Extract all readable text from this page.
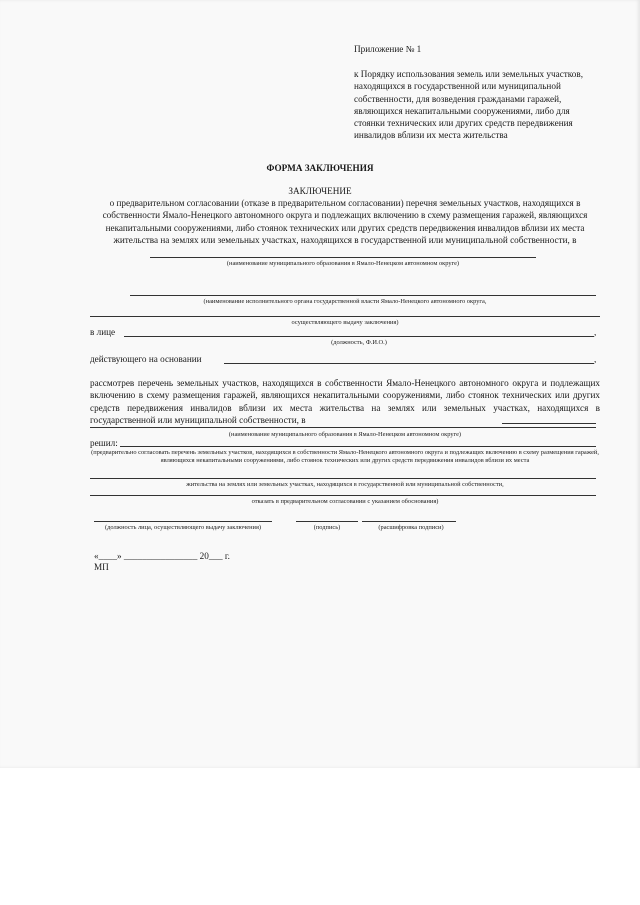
Приложение № 1
к Порядку использования земель или земельных участков, находящихся в государственной или муниципальной собственности, для возведения гражданами гаражей, являющихся некапитальными сооружениями, либо для стоянки технических или других средств передвижения инвалидов вблизи их места жительства
ФОРМА ЗАКЛЮЧЕНИЯ
ЗАКЛЮЧЕНИЕ
о предварительном согласовании (отказе в предварительном согласовании) перечня земельных участков, находящихся в собственности Ямало-Ненецкого автономного округа и подлежащих включению в схему размещения гаражей, являющихся некапитальными сооружениями, либо стоянок технических или других средств передвижения инвалидов вблизи их места жительства на землях или земельных участках, находящихся в государственной или муниципальной собственности, в
(наименование муниципального образования в Ямало-Ненецком автономном округе)
(наименование исполнительного органа государственной власти Ямало-Ненецкого автономного округа,
осуществляющего выдачу заключения)
в лице	,
(должность, Ф.И.О.)
действующего на основании	,
рассмотрев перечень земельных участков, находящихся в собственности Ямало-Ненецкого автономного округа и подлежащих включению в схему размещения гаражей, являющихся некапитальными сооружениями, либо стоянок технических или других средств передвижения инвалидов вблизи их места жительства на землях или земельных участках, находящихся в государственной или муниципальной собственности, в
(наименование муниципального образования в Ямало-Ненецком автономном округе)
решил:
(предварительно согласовать перечень земельных участков, находящихся в собственности Ямало-Ненецкого автономного округа и подлежащих включению в схему размещения гаражей, являющихся некапитальными сооружениями, либо стоянок технических или других средств передвижения инвалидов вблизи их места
жительства на землях или земельных участках, находящихся в государственной или муниципальной собственности,
отказать в предварительном согласовании с указанием обоснования)
(должность лица, осуществляющего выдачу заключения)	(подпись)	(расшифровка подписи)
«____» ________________ 20___ г.
МП
